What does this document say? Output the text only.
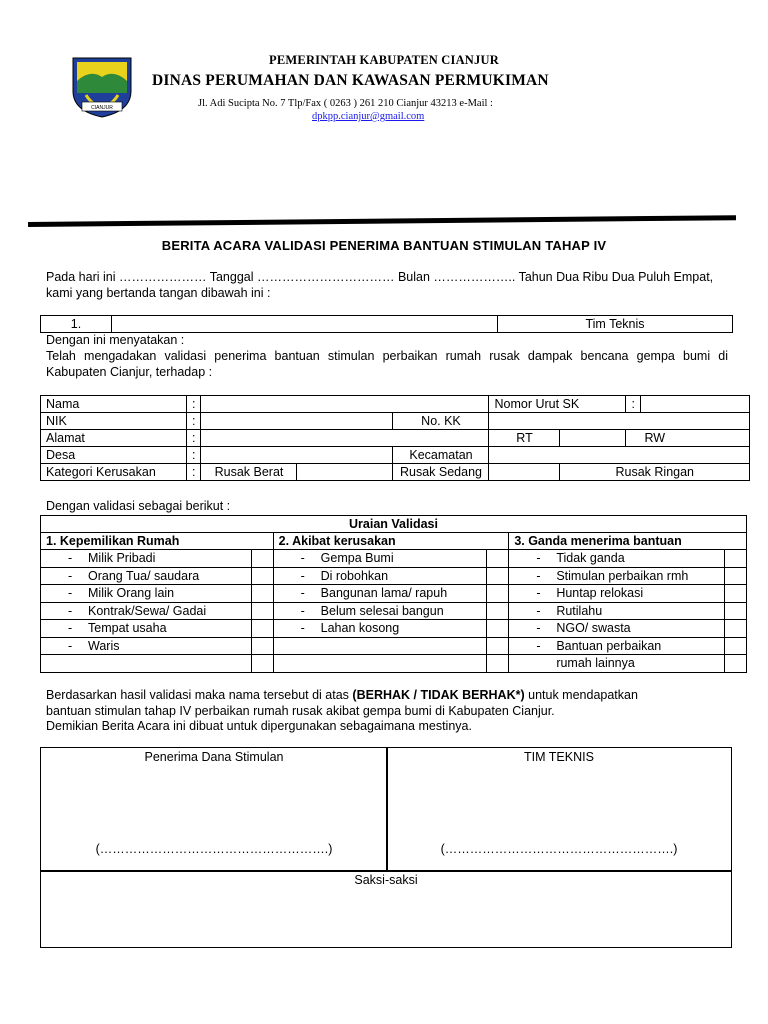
CIANJUR
PEMERINTAH KABUPATEN CIANJUR
DINAS PERUMAHAN DAN KAWASAN PERMUKIMAN
Jl. Adi Sucipta No. 7 Tlp/Fax ( 0263 ) 261 210 Cianjur 43213 e-Mail :
dpkpp.cianjur@gmail.com
BERITA ACARA VALIDASI PENERIMA BANTUAN STIMULAN TAHAP IV
Pada hari ini ………………… Tanggal …………………………… Bulan ……………….. Tahun Dua Ribu Dua Puluh Empat,
kami yang bertanda tangan dibawah ini :
1.		Tim Teknis
Dengan ini menyatakan :
Telah mengadakan validasi penerima bantuan stimulan perbaikan rumah rusak dampak bencana gempa bumi di Kabupaten Cianjur, terhadap :
Nama	:				Nomor Urut SK		:	
NIK	:			No. KK				
Alamat	:				RT		RW	
Desa	:			Kecamatan				
Kategori Kerusakan	:	Rusak Berat		Rusak Sedang		Rusak Ringan		
Dengan validasi sebagai berikut :
Uraian Validasi					
1. Kepemilikan Rumah		2. Akibat kerusakan		3. Ganda menerima bantuan	
- Milik Pribadi		- Gempa Bumi		- Tidak ganda	
- Orang Tua/ saudara		- Di robohkan		- Stimulan perbaikan rmh	
- Milik Orang lain		- Bangunan lama/ rapuh		- Huntap relokasi	
- Kontrak/Sewa/ Gadai		- Belum selesai bangun		- Rutilahu	
- Tempat usaha		- Lahan kosong		- NGO/ swasta	
- Waris				- Bantuan perbaikan	
				rumah lainnya	
Berdasarkan hasil validasi maka nama tersebut di atas (BERHAK / TIDAK BERHAK*) untuk mendapatkan
bantuan stimulan tahap IV perbaikan rumah rusak akibat gempa bumi di Kabupaten Cianjur.
Demikian Berita Acara ini dibuat untuk dipergunakan sebagaimana mestinya.
Penerima Dana Stimulan
(……………………………………………….)
TIM TEKNIS
(……………………………………………….)
Saksi-saksi
